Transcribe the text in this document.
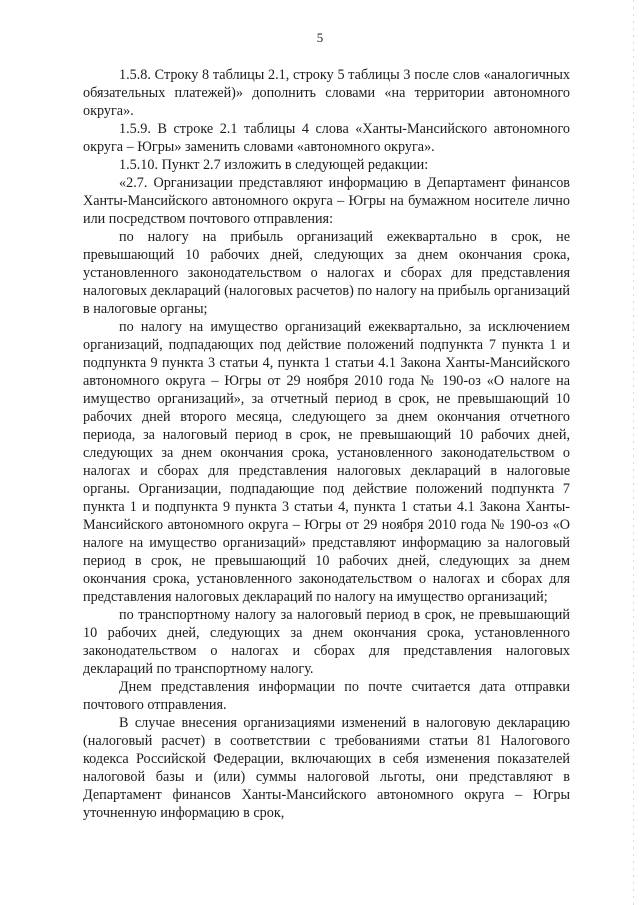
5

1.5.8. Строку 8 таблицы 2.1, строку 5 таблицы 3 после слов «аналогичных обязательных платежей)» дополнить словами «на территории автономного округа».

1.5.9. В строке 2.1 таблицы 4 слова «Ханты-Мансийского автономного округа – Югры» заменить словами «автономного округа».

1.5.10. Пункт 2.7 изложить в следующей редакции:

«2.7. Организации представляют информацию в Департамент финансов Ханты-Мансийского автономного округа – Югры на бумажном носителе лично или посредством почтового отправления:

по налогу на прибыль организаций ежеквартально в срок, не превышающий 10 рабочих дней, следующих за днем окончания срока, установленного законодательством о налогах и сборах для представления налоговых деклараций (налоговых расчетов) по налогу на прибыль организаций в налоговые органы;

по налогу на имущество организаций ежеквартально, за исключением организаций, подпадающих под действие положений подпункта 7 пункта 1 и подпункта 9 пункта 3 статьи 4, пункта 1 статьи 4.1 Закона Ханты-Мансийского автономного округа – Югры от 29 ноября 2010 года № 190-оз «О налоге на имущество организаций», за отчетный период в срок, не превышающий 10 рабочих дней второго месяца, следующего за днем окончания отчетного периода, за налоговый период в срок, не превышающий 10 рабочих дней, следующих за днем окончания срока, установленного законодательством о налогах и сборах для представления налоговых деклараций в налоговые органы. Организации, подпадающие под действие положений подпункта 7 пункта 1 и подпункта 9 пункта 3 статьи 4, пункта 1 статьи 4.1 Закона Ханты-Мансийского автономного округа – Югры от 29 ноября 2010 года № 190-оз «О налоге на имущество организаций» представляют информацию за налоговый период в срок, не превышающий 10 рабочих дней, следующих за днем окончания срока, установленного законодательством о налогах и сборах для представления налоговых деклараций по налогу на имущество организаций;

по транспортному налогу за налоговый период в срок, не превышающий 10 рабочих дней, следующих за днем окончания срока, установленного законодательством о налогах и сборах для представления налоговых деклараций по транспортному налогу.

Днем представления информации по почте считается дата отправки почтового отправления.

В случае внесения организациями изменений в налоговую декларацию (налоговый расчет) в соответствии с требованиями статьи 81 Налогового кодекса Российской Федерации, включающих в себя изменения показателей налоговой базы и (или) суммы налоговой льготы, они представляют в Департамент финансов Ханты-Мансийского автономного округа – Югры уточненную информацию в срок,
